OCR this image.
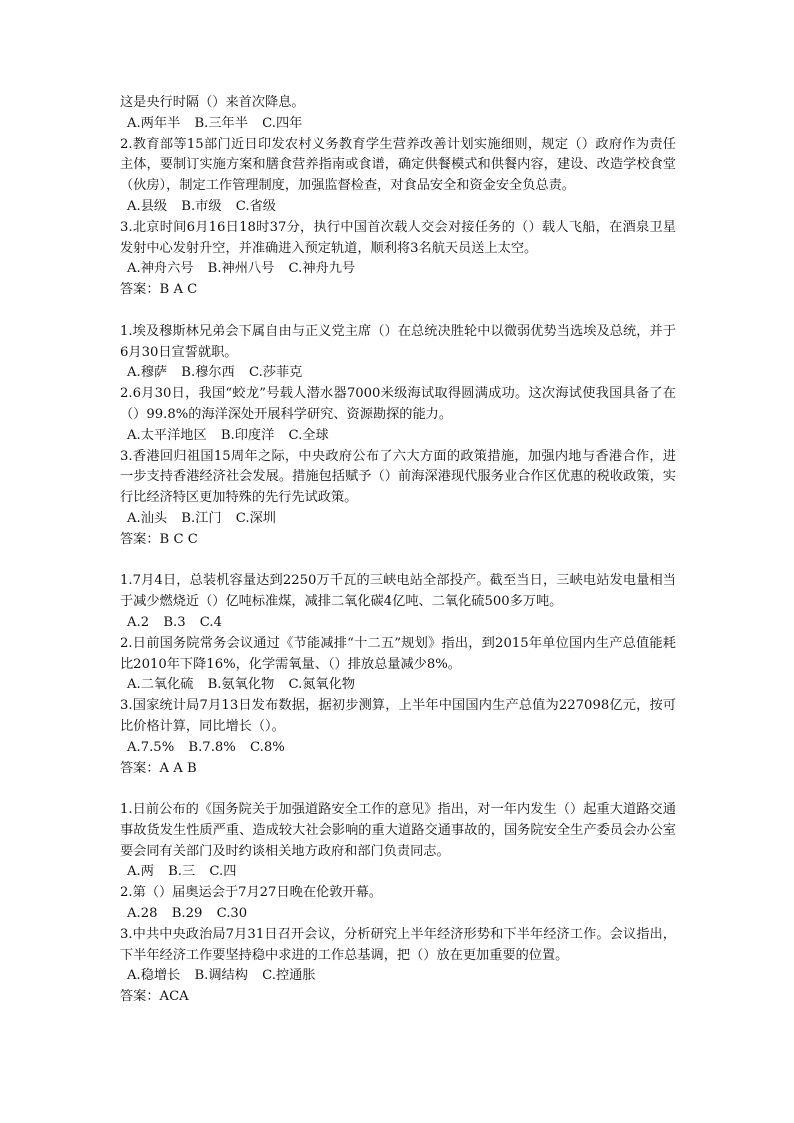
这是央行时隔（）来首次降息。
A.两年半 B.三年半 C.四年
2.教育部等15部门近日印发农村义务教育学生营养改善计划实施细则，规定（）政府作为责任主体，要制订实施方案和膳食营养指南或食谱，确定供餐模式和供餐内容，建设、改造学校食堂（伙房），制定工作管理制度，加强监督检查，对食品安全和资金安全负总责。
A.县级 B.市级 C.省级
3.北京时间6月16日18时37分，执行中国首次载人交会对接任务的（）载人飞船，在酒泉卫星发射中心发射升空，并准确进入预定轨道，顺利将3名航天员送上太空。
A.神舟六号 B.神州八号 C.神舟九号
答案：B A C
1.埃及穆斯林兄弟会下属自由与正义党主席（）在总统决胜轮中以微弱优势当选埃及总统，并于6月30日宣誓就职。
A.穆萨 B.穆尔西 C.莎菲克
2.6月30日，我国“蛟龙”号载人潜水器7000米级海试取得圆满成功。这次海试使我国具备了在（）99.8%的海洋深处开展科学研究、资源勘探的能力。
A.太平洋地区 B.印度洋 C.全球
3.香港回归祖国15周年之际，中央政府公布了六大方面的政策措施，加强内地与香港合作，进一步支持香港经济社会发展。措施包括赋予（）前海深港现代服务业合作区优惠的税收政策，实行比经济特区更加特殊的先行先试政策。
A.汕头 B.江门 C.深圳
答案：B C C
1.7月4日，总装机容量达到2250万千瓦的三峡电站全部投产。截至当日，三峡电站发电量相当于减少燃烧近（）亿吨标准煤，减排二氧化碳4亿吨、二氧化硫500多万吨。
A.2 B.3 C.4
2.日前国务院常务会议通过《节能减排“十二五”规划》指出，到2015年单位国内生产总值能耗比2010年下降16%，化学需氧量、（）排放总量减少8%。
A.二氧化硫 B.氨氧化物 C.氮氧化物
3.国家统计局7月13日发布数据，据初步测算，上半年中国国内生产总值为227098亿元，按可比价格计算，同比增长（）。
A.7.5% B.7.8% C.8%
答案：A A B
1.日前公布的《国务院关于加强道路安全工作的意见》指出，对一年内发生（）起重大道路交通事故货发生性质严重、造成较大社会影响的重大道路交通事故的，国务院安全生产委员会办公室要会同有关部门及时约谈相关地方政府和部门负责同志。
A.两 B.三 C.四
2.第（）届奥运会于7月27日晚在伦敦开幕。
A.28 B.29 C.30
3.中共中央政治局7月31日召开会议，分析研究上半年经济形势和下半年经济工作。会议指出，下半年经济工作要坚持稳中求进的工作总基调，把（）放在更加重要的位置。
A.稳增长 B.调结构 C.控通胀
答案：ACA
